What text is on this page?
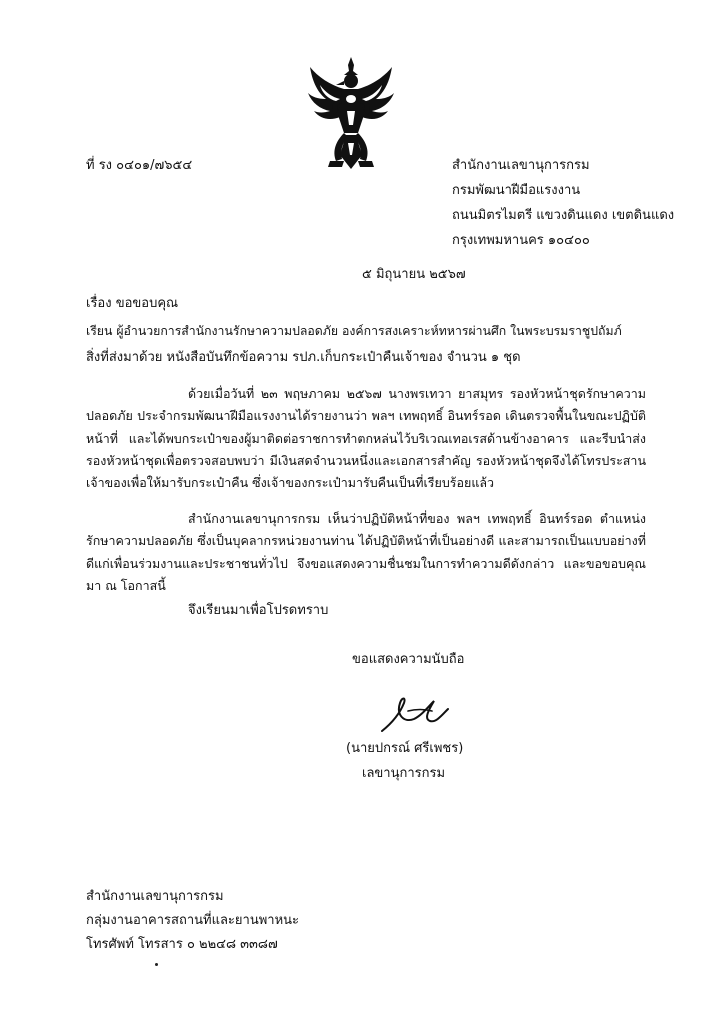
ที่ รง ๐๔๐๑/๗๖๕๔	สำนักงานเลขานุการกรม
กรมพัฒนาฝีมือแรงงาน
ถนนมิตรไมตรี แขวงดินแดง เขตดินแดง
กรุงเทพมหานคร ๑๐๔๐๐
๕ มิถุนายน ๒๕๖๗
เรื่อง ขอขอบคุณ
เรียน ผู้อำนวยการสำนักงานรักษาความปลอดภัย องค์การสงเคราะห์ทหารผ่านศึก ในพระบรมราชูปถัมภ์
สิ่งที่ส่งมาด้วย หนังสือบันทึกข้อความ รปภ.เก็บกระเป๋าคืนเจ้าของ จำนวน ๑ ชุด
ด้วยเมื่อวันที่ ๒๓ พฤษภาคม ๒๕๖๗ นางพรเทวา ยาสมุทร รองหัวหน้าชุดรักษาความปลอดภัย ประจำกรมพัฒนาฝีมือแรงงานได้รายงานว่า พลฯ เทพฤทธิ์ อินทร์รอด เดินตรวจพื้นในขณะปฏิบัติหน้าที่ และได้พบกระเป๋าของผู้มาติดต่อราชการทำตกหล่นไว้บริเวณเทอเรสด้านข้างอาคาร และรีบนำส่งรองหัวหน้าชุดเพื่อตรวจสอบพบว่า มีเงินสดจำนวนหนึ่งและเอกสารสำคัญ รองหัวหน้าชุดจึงได้โทรประสานเจ้าของเพื่อให้มารับกระเป๋าคืน ซึ่งเจ้าของกระเป๋ามารับคืนเป็นที่เรียบร้อยแล้ว
สำนักงานเลขานุการกรม เห็นว่าปฏิบัติหน้าที่ของ พลฯ เทพฤทธิ์ อินทร์รอด ตำแหน่ง รักษาความปลอดภัย ซึ่งเป็นบุคลากรหน่วยงานท่าน ได้ปฏิบัติหน้าที่เป็นอย่างดี และสามารถเป็นแบบอย่างที่ดีแก่เพื่อนร่วมงานและประชาชนทั่วไป จึงขอแสดงความชื่นชมในการทำความดีดังกล่าว และขอขอบคุณมา ณ โอกาสนี้
จึงเรียนมาเพื่อโปรดทราบ
ขอแสดงความนับถือ
(นายปกรณ์ ศรีเพชร)
เลขานุการกรม
สำนักงานเลขานุการกรม
กลุ่มงานอาคารสถานที่และยานพาหนะ
โทรศัพท์ โทรสาร ๐ ๒๒๔๘ ๓๓๘๗
